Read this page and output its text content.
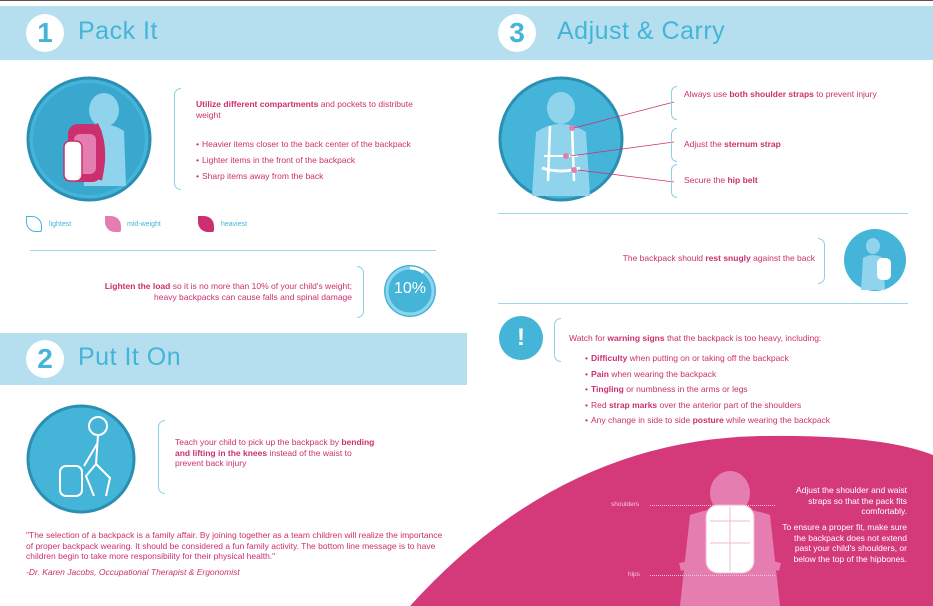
1	Pack It
Utilize different compartments and pockets to distribute weight
• Heavier items closer to the back center of the backpack
• Lighter items in the front of the backpack
• Sharp items away from the back
lightest	mid-weight	heaviest
Lighten the load so it is no more than 10% of your child's weight; heavy backpacks can cause falls and spinal damage	10%
2	Put It On
Teach your child to pick up the backpack by bending and lifting in the knees instead of the waist to prevent back injury
"The selection of a backpack is a family affair. By joining together as a team children will realize the importance of proper backpack wearing. It should be considered a fun family activity. The bottom line message is to have children begin to take more responsibility for their physical health."
-Dr. Karen Jacobs, Occupational Therapist & Ergonomist
3	Adjust & Carry
Always use both shoulder straps to prevent injury
Adjust the sternum strap
Secure the hip belt
The backpack should rest snugly against the back
!	Watch for warning signs that the backpack is too heavy, including:
• Difficulty when putting on or taking off the backpack
• Pain when wearing the backpack
• Tingling or numbness in the arms or legs
• Red strap marks over the anterior part of the shoulders
• Any change in side to side posture while wearing the backpack
shoulders
hips
Adjust the shoulder and waist straps so that the pack fits comfortably.
To ensure a proper fit, make sure the backpack does not extend past your child's shoulders, or below the top of the hipbones.
